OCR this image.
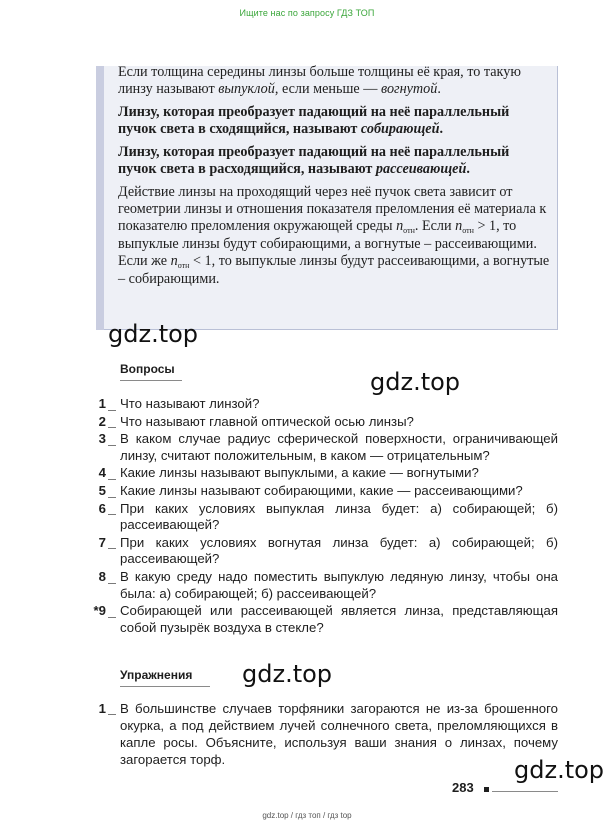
Ищите нас по запросу ГДЗ ТОП

Если толщина середины линзы больше толщины её края, то такую линзу называют выпуклой, если меньше — вогнутой.

Линзу, которая преобразует падающий на неё параллельный пучок света в сходящийся, называют собирающей.

Линзу, которая преобразует падающий на неё параллельный пучок света в расходящийся, называют рассеивающей.

Действие линзы на проходящий через неё пучок света зависит от геометрии линзы и отношения показателя преломления её материала к показателю преломления окружающей среды $n_{отн}$. Если $n_{отн} > 1$, то выпуклые линзы будут собирающими, а вогнутые – рассеивающими.

Если же $n_{отн} < 1$, то выпуклые линзы будут рассеивающими, а вогнутые – собирающими.

gdz.top
gdz.top
gdz.top
gdz.top
Вопросы
1 Что называют линзой?
2 Что называют главной оптической осью линзы?
3 В каком случае радиус сферической поверхности, ограничивающей линзу, считают положительным, в каком — отрицательным?
4 Какие линзы называют выпуклыми, а какие — вогнутыми?
5 Какие линзы называют собирающими, какие — рассеивающими?
6 При каких условиях выпуклая линза будет: а) собирающей; б) рассеивающей?
7 При каких условиях вогнутая линза будет: а) собирающей; б) рассеивающей?
8 В какую среду надо поместить выпуклую ледяную линзу, чтобы она была: а) собирающей; б) рассеивающей?
*9 Собирающей или рассеивающей является линза, представляющая собой пузырёк воздуха в стекле?
Упражнения
1 В большинстве случаев торфяники загораются не из-за брошенного окурка, а под действием лучей солнечного света, преломляющихся в капле росы. Объясните, используя ваши знания о линзах, почему загорается торф.
283
gdz.top / гдз топ / гдз top
